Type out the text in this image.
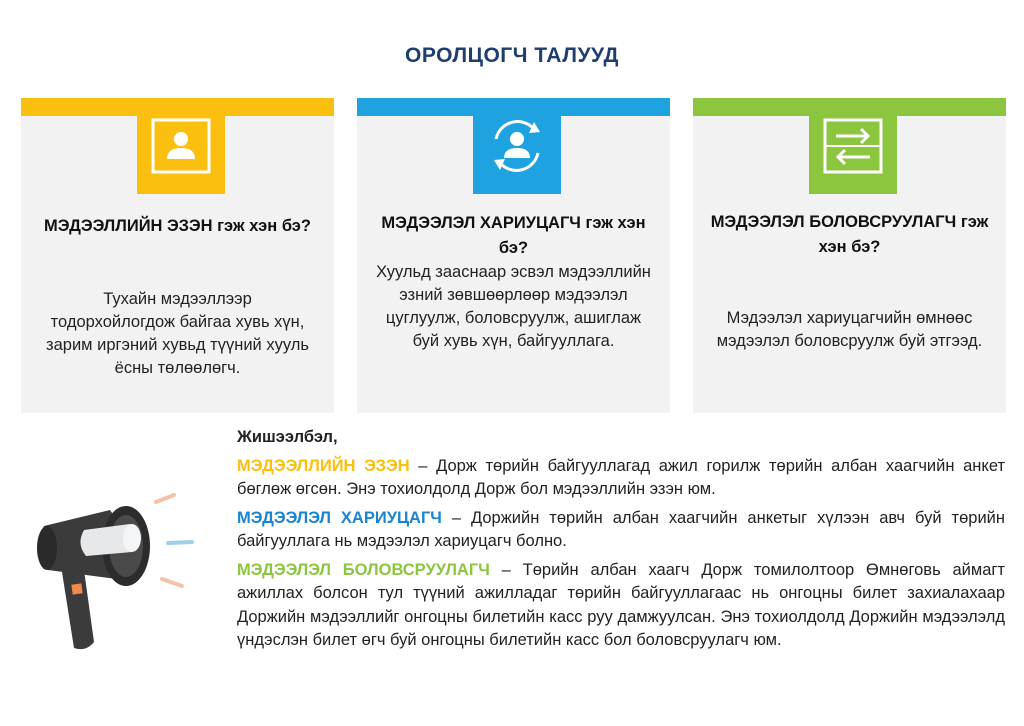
ОРОЛЦОГЧ ТАЛУУД
МЭДЭЭЛЛИЙН ЭЗЭН гэж хэн бэ?
Тухайн мэдээллээр тодорхойлогдож байгаа хувь хүн, зарим иргэний хувьд түүний хууль ёсны төлөөлөгч.
МЭДЭЭЛЭЛ ХАРИУЦАГЧ гэж хэн бэ?
Хуульд зааснаар эсвэл мэдээллийн эзний зөвшөөрлөөр мэдээлэл цуглуулж, боловсруулж, ашиглаж буй хувь хүн, байгууллага.
МЭДЭЭЛЭЛ БОЛОВСРУУЛАГЧ гэж хэн бэ?
Мэдээлэл хариуцагчийн өмнөөс мэдээлэл боловсруулж буй этгээд.
Жишээлбэл,
МЭДЭЭЛЛИЙН ЭЗЭН – Дорж төрийн байгууллагад ажил горилж төрийн албан хаагчийн анкет бөглөж өгсөн. Энэ тохиолдолд Дорж бол мэдээллийн эзэн юм.
МЭДЭЭЛЭЛ ХАРИУЦАГЧ – Доржийн төрийн албан хаагчийн анкетыг хүлээн авч буй төрийн байгууллага нь мэдээлэл хариуцагч болно.
МЭДЭЭЛЭЛ БОЛОВСРУУЛАГЧ – Төрийн албан хаагч Дорж томилолтоор Өмнөговь аймагт ажиллах болсон тул түүний ажилладаг төрийн байгууллагаас нь онгоцны билет захиалахаар Доржийн мэдээллийг онгоцны билетийн касс руу дамжуулсан. Энэ тохиолдолд Доржийн мэдээлэлд үндэслэн билет өгч буй онгоцны билетийн касс бол боловсруулагч юм.
